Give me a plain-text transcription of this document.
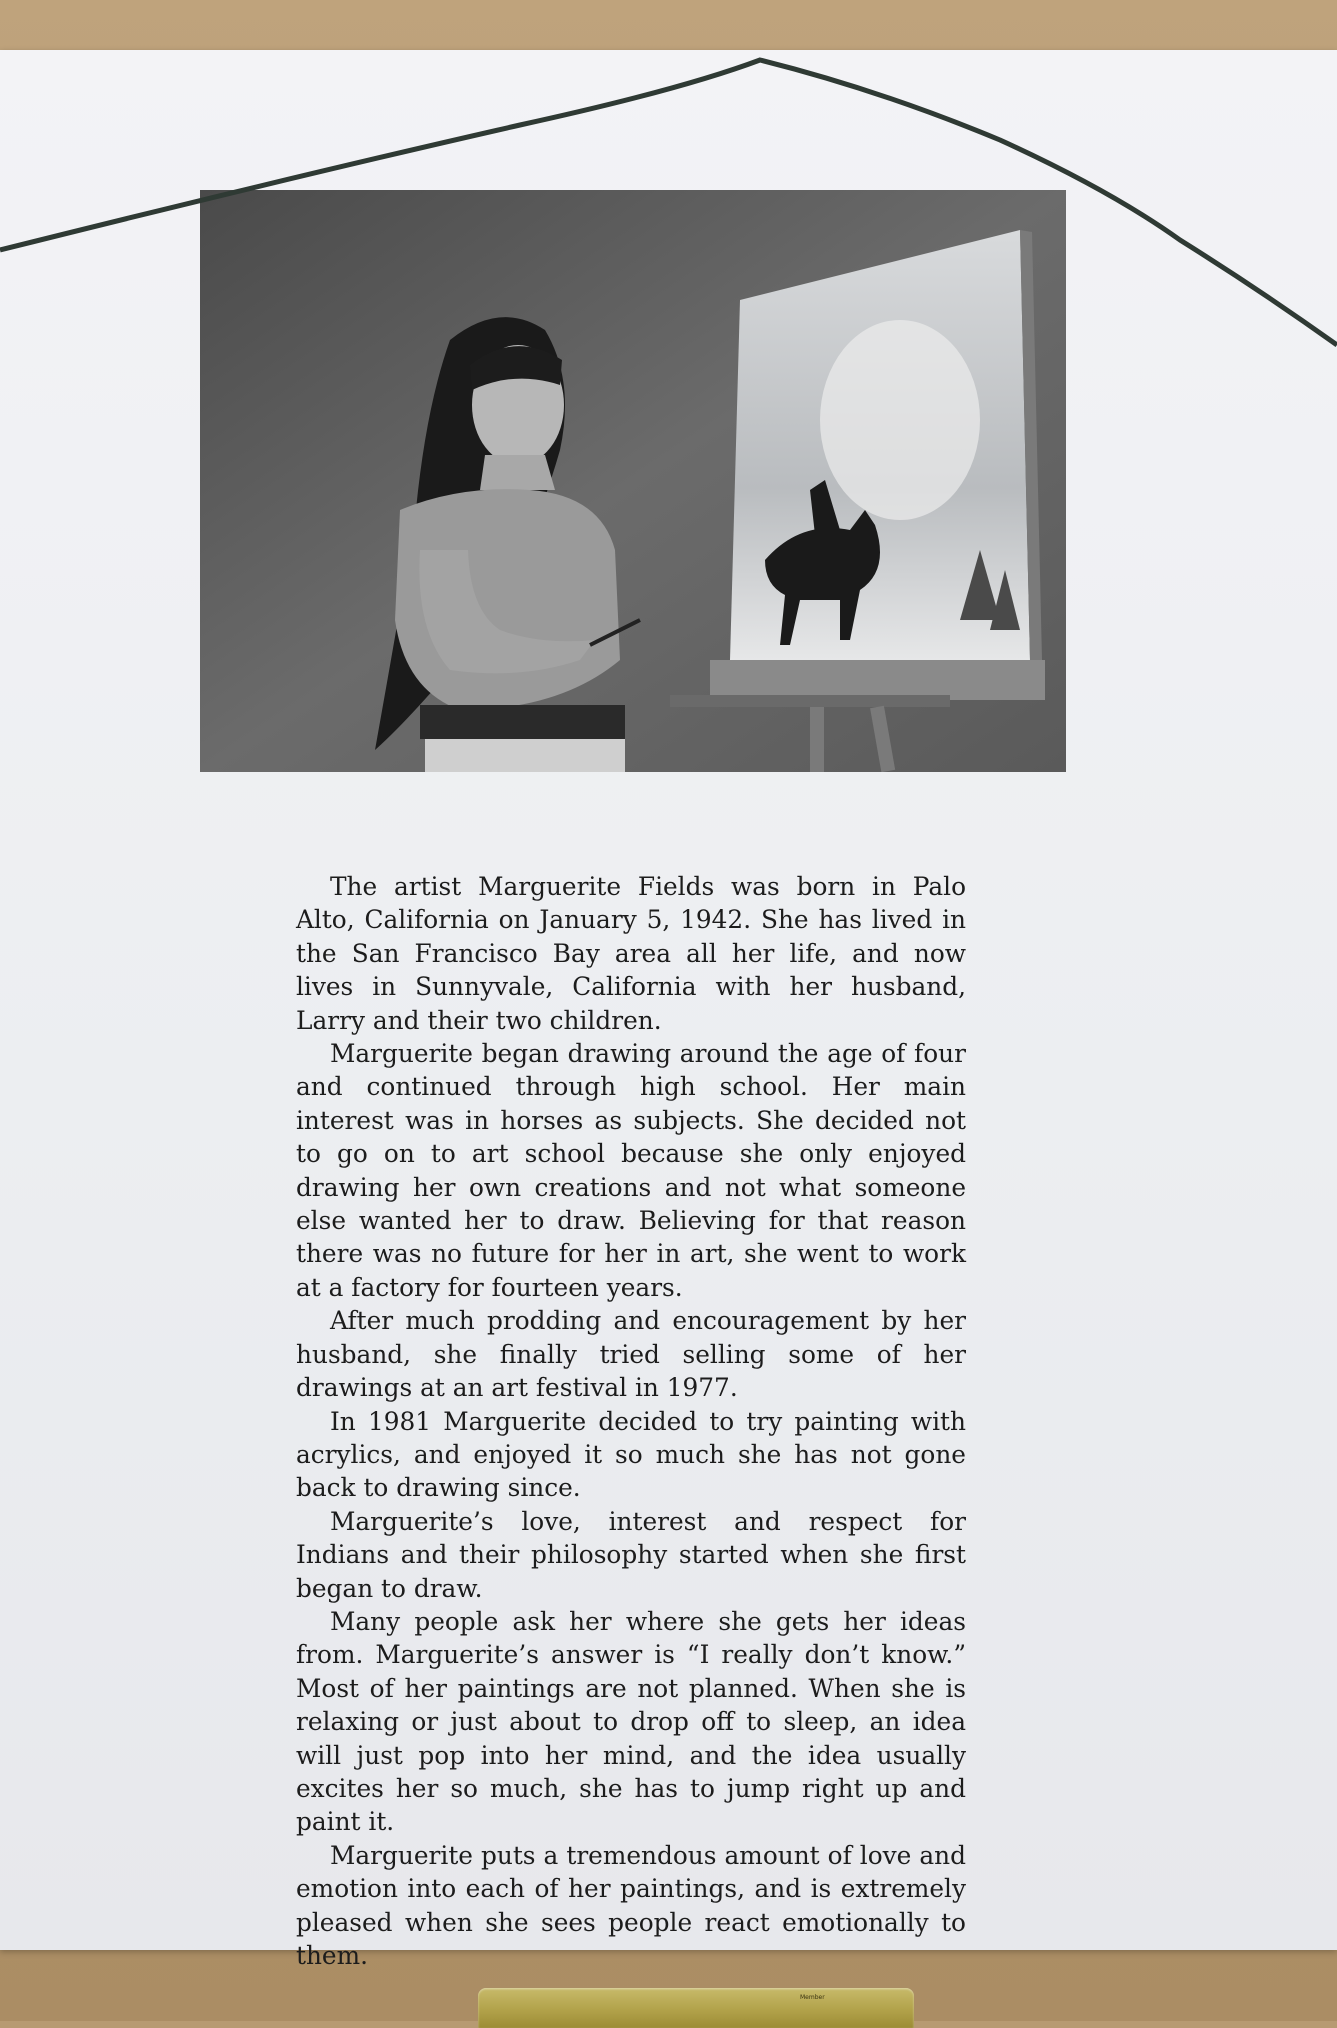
The artist Marguerite Fields was born in Palo Alto, California on January 5, 1942. She has lived in the San Francisco Bay area all her life, and now lives in Sunnyvale, California with her husband, Larry and their two children.

Marguerite began drawing around the age of four and continued through high school. Her main interest was in horses as subjects. She decided not to go on to art school because she only enjoyed drawing her own creations and not what someone else wanted her to draw. Believing for that reason there was no future for her in art, she went to work at a factory for fourteen years.

After much prodding and encouragement by her husband, she finally tried selling some of her drawings at an art festival in 1977.

In 1981 Marguerite decided to try painting with acrylics, and enjoyed it so much she has not gone back to drawing since.

Marguerite’s love, interest and respect for Indians and their philosophy started when she first began to draw.

Many people ask her where she gets her ideas from. Marguerite’s answer is “I really don’t know.” Most of her paintings are not planned. When she is relaxing or just about to drop off to sleep, an idea will just pop into her mind, and the idea usually excites her so much, she has to jump right up and paint it.

Marguerite puts a tremendous amount of love and emotion into each of her paintings, and is extremely pleased when she sees people react emotionally to them.

Member
